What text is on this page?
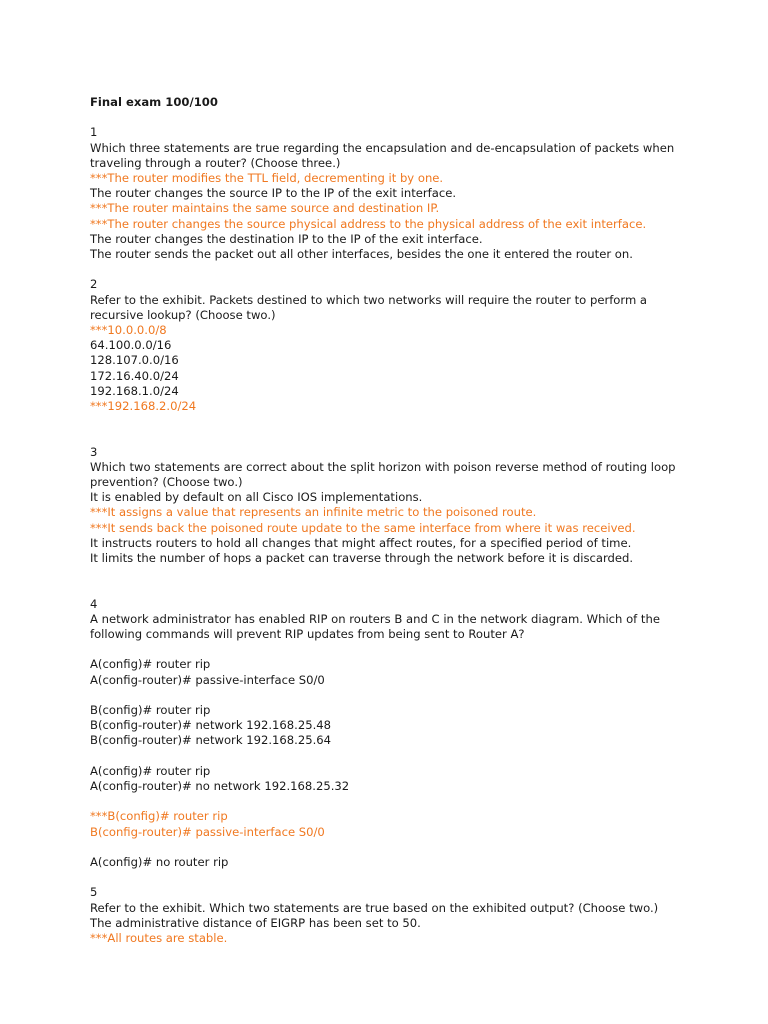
Final exam 100/100
1
Which three statements are true regarding the encapsulation and de-encapsulation of packets when traveling through a router? (Choose three.)
***The router modifies the TTL field, decrementing it by one.
The router changes the source IP to the IP of the exit interface.
***The router maintains the same source and destination IP.
***The router changes the source physical address to the physical address of the exit interface.
The router changes the destination IP to the IP of the exit interface.
The router sends the packet out all other interfaces, besides the one it entered the router on.
2
Refer to the exhibit. Packets destined to which two networks will require the router to perform a recursive lookup? (Choose two.)
***10.0.0.0/8
64.100.0.0/16
128.107.0.0/16
172.16.40.0/24
192.168.1.0/24
***192.168.2.0/24
3
Which two statements are correct about the split horizon with poison reverse method of routing loop prevention? (Choose two.)
It is enabled by default on all Cisco IOS implementations.
***It assigns a value that represents an infinite metric to the poisoned route.
***It sends back the poisoned route update to the same interface from where it was received.
It instructs routers to hold all changes that might affect routes, for a specified period of time.
It limits the number of hops a packet can traverse through the network before it is discarded.
4
A network administrator has enabled RIP on routers B and C in the network diagram. Which of the following commands will prevent RIP updates from being sent to Router A?
A(config)# router rip
A(config-router)# passive-interface S0/0
B(config)# router rip
B(config-router)# network 192.168.25.48
B(config-router)# network 192.168.25.64
A(config)# router rip
A(config-router)# no network 192.168.25.32
***B(config)# router rip
B(config-router)# passive-interface S0/0
A(config)# no router rip
5
Refer to the exhibit. Which two statements are true based on the exhibited output? (Choose two.)
The administrative distance of EIGRP has been set to 50.
***All routes are stable.
